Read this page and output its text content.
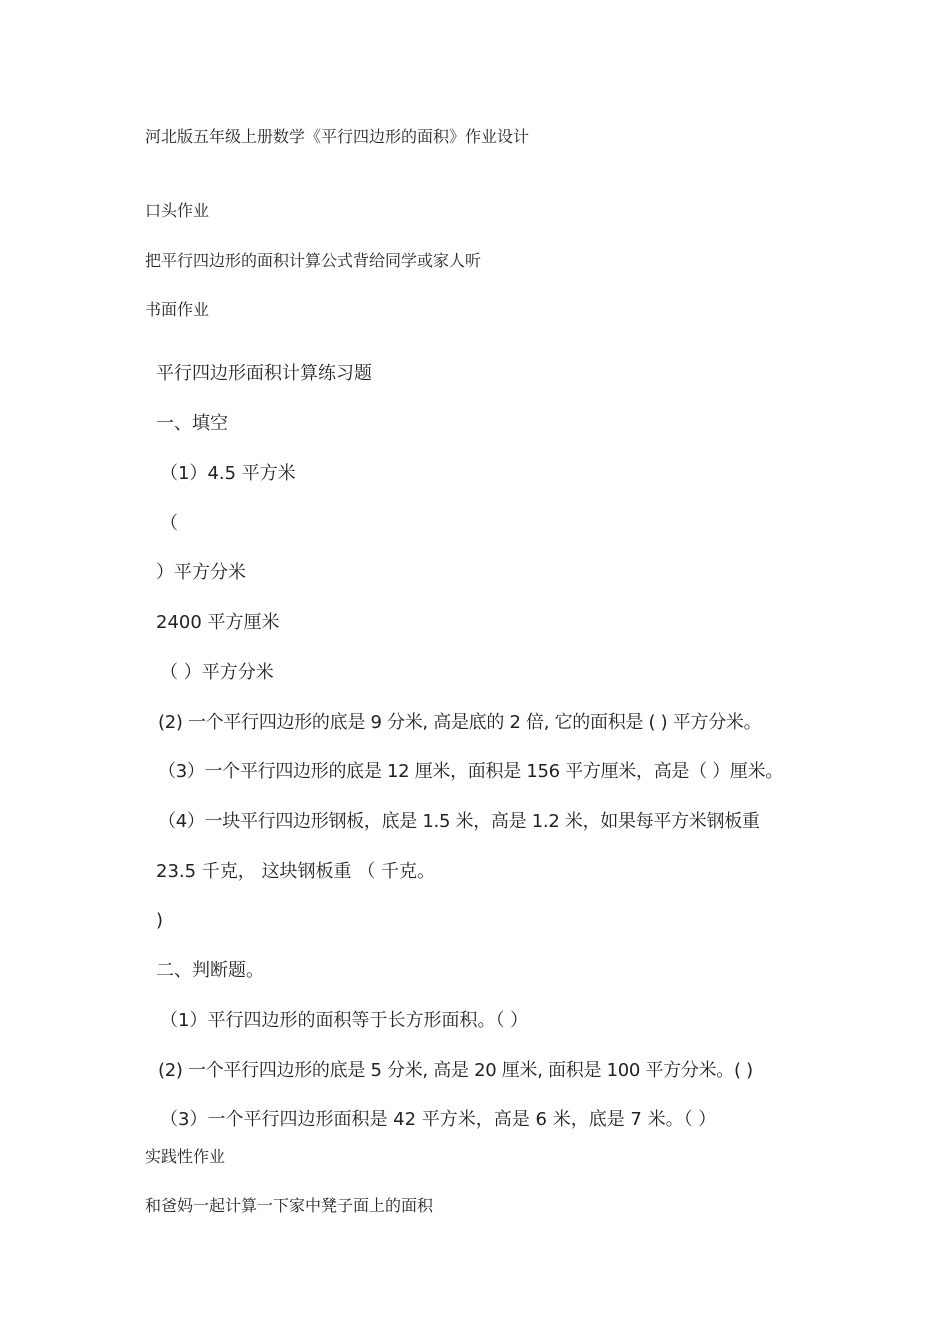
河北版五年级上册数学《平行四边形的面积》作业设计
口头作业
把平行四边形的面积计算公式背给同学或家人听
书面作业
平行四边形面积计算练习题
一、填空
（1）4.5 平方米
（
）平方分米
2400 平方厘米
（ ）平方分米
(2) 一个平行四边形的底是 9 分米, 高是底的 2 倍, 它的面积是 ( ) 平方分米。
（3）一个平行四边形的底是 12 厘米，面积是 156 平方厘米，高是（ ）厘米。
（4）一块平行四边形钢板，底是 1.5 米，高是 1.2 米，如果每平方米钢板重
23.5 千克， 这块钢板重 （ 千克。
)
二、判断题。
（1）平行四边形的面积等于长方形面积。（ ）
(2) 一个平行四边形的底是 5 分米, 高是 20 厘米, 面积是 100 平方分米。( )
（3）一个平行四边形面积是 42 平方米，高是 6 米，底是 7 米。（ ）
实践性作业
和爸妈一起计算一下家中凳子面上的面积
